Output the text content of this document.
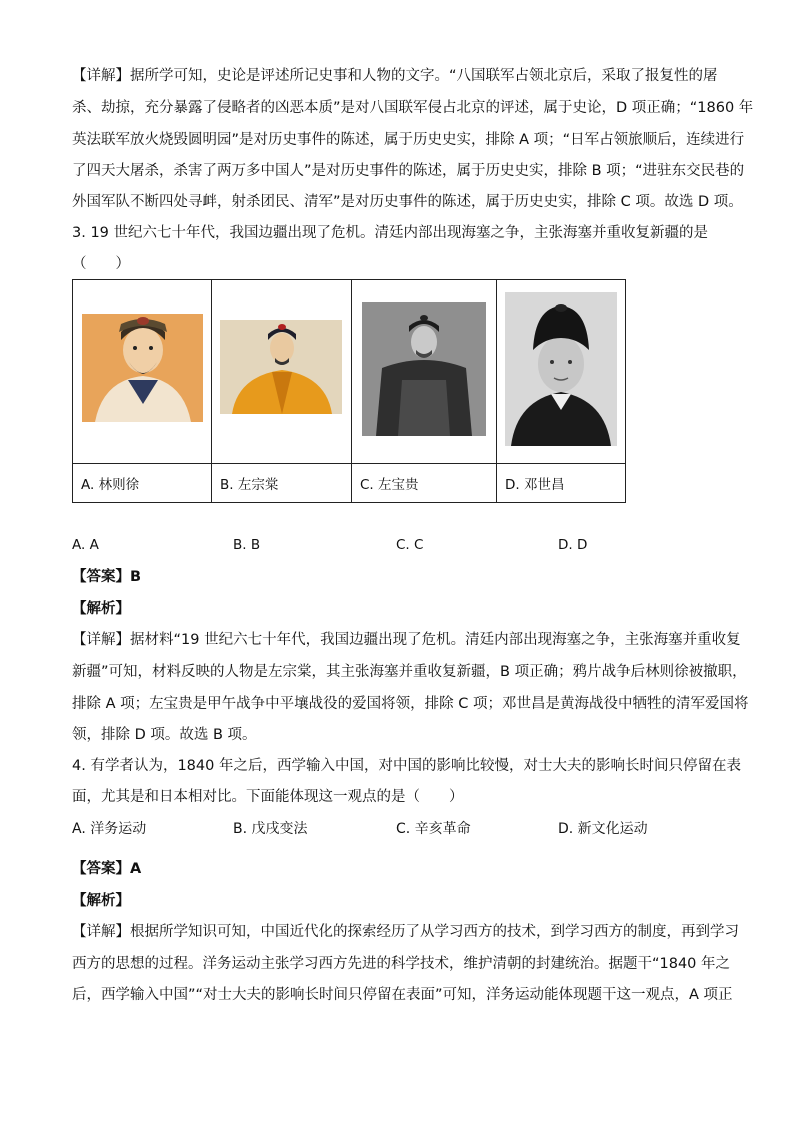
【详解】据所学可知，史论是评述所记史事和人物的文字。“八国联军占领北京后，采取了报复性的屠
杀、劫掠，充分暴露了侵略者的凶恶本质”是对八国联军侵占北京的评述，属于史论，D 项正确；“1860 年
英法联军放火烧毁圆明园”是对历史事件的陈述，属于历史史实，排除 A 项；“日军占领旅顺后，连续进行
了四天大屠杀，杀害了两万多中国人”是对历史事件的陈述，属于历史史实，排除 B 项；“进驻东交民巷的
外国军队不断四处寻衅，射杀团民、清军”是对历史事件的陈述，属于历史史实，排除 C 项。故选 D 项。
3. 19 世纪六七十年代，我国边疆出现了危机。清廷内部出现海塞之争，主张海塞并重收复新疆的是
（　　）

A. 林则徐	B. 左宗棠	C. 左宝贵	D. 邓世昌
A. A	B. B	C. C	D. D
【答案】B
【解析】
【详解】据材料“19 世纪六七十年代，我国边疆出现了危机。清廷内部出现海塞之争，主张海塞并重收复
新疆”可知，材料反映的人物是左宗棠，其主张海塞并重收复新疆，B 项正确；鸦片战争后林则徐被撤职，
排除 A 项；左宝贵是甲午战争中平壤战役的爱国将领，排除 C 项；邓世昌是黄海战役中牺牲的清军爱国将
领，排除 D 项。故选 B 项。
4. 有学者认为，1840 年之后，西学输入中国，对中国的影响比较慢，对士大夫的影响长时间只停留在表
面，尤其是和日本相对比。下面能体现这一观点的是（　　）
A. 洋务运动	B. 戊戌变法	C. 辛亥革命	D. 新文化运动
【答案】A
【解析】
【详解】根据所学知识可知，中国近代化的探索经历了从学习西方的技术，到学习西方的制度，再到学习
西方的思想的过程。洋务运动主张学习西方先进的科学技术，维护清朝的封建统治。据题干“1840 年之
后，西学输入中国”“对士大夫的影响长时间只停留在表面”可知，洋务运动能体现题干这一观点，A 项正
